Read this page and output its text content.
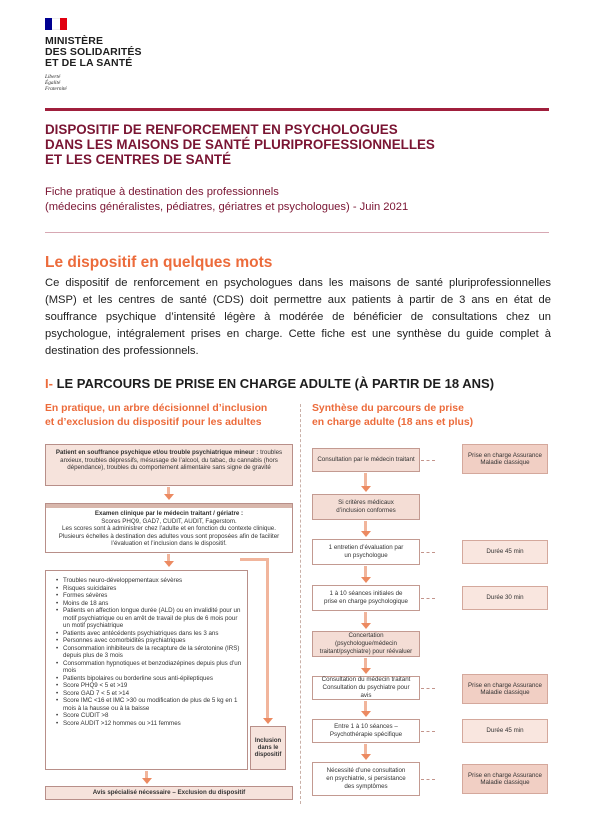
MINISTÈRE
DES SOLIDARITÉS
ET DE LA SANTÉ
Liberté
Égalité
Fraternité
DISPOSITIF DE RENFORCEMENT EN PSYCHOLOGUES
DANS LES MAISONS DE SANTÉ PLURIPROFESSIONNELLES
ET LES CENTRES DE SANTÉ
Fiche pratique à destination des professionnels
(médecins généralistes, pédiatres, gériatres et psychologues) - Juin 2021
Le dispositif en quelques mots
Ce dispositif de renforcement en psychologues dans les maisons de santé pluriprofessionnelles (MSP) et les centres de santé (CDS) doit permettre aux patients à partir de 3 ans en état de souffrance psychique d’intensité légère à modérée de bénéficier de consultations chez un psychologue, intégralement prises en charge. Cette fiche est une synthèse du guide complet à destination des professionnels.
I- LE PARCOURS DE PRISE EN CHARGE ADULTE (À PARTIR DE 18 ANS)
En pratique, un arbre décisionnel d’inclusion
et d’exclusion du dispositif pour les adultes
Synthèse du parcours de prise
en charge adulte (18 ans et plus)
Patient en souffrance psychique et/ou trouble psychiatrique mineur : troubles anxieux, troubles dépressifs, mésusage de l’alcool, du tabac, du cannabis (hors dépendance), troubles du comportement alimentaire sans signe de gravité
Examen clinique par le médecin traitant / gériatre :
Scores PHQ9, GAD7, CUDIT, AUDIT, Fagerstom.
Les scores sont à administrer chez l’adulte et en fonction du contexte clinique. Plusieurs échelles à destination des adultes vous sont proposées afin de faciliter l’évaluation et l’inclusion dans le dispositif.
• Troubles neuro-développementaux sévères
• Risques suicidaires
• Formes sévères
• Moins de 18 ans
• Patients en affection longue durée (ALD) ou en invalidité pour un motif psychiatrique ou en arrêt de travail de plus de 6 mois pour un motif psychiatrique
• Patients avec antécédents psychiatriques dans les 3 ans
• Personnes avec comorbidités psychiatriques
• Consommation inhibiteurs de la recapture de la sérotonine (IRS) depuis plus de 3 mois
• Consommation hypnotiques et benzodiazépines depuis plus d’un mois
• Patients bipolaires ou borderline sous anti-épileptiques
• Score PHQ9 < 5 et >19
• Score GAD 7 < 5 et >14
• Score IMC <16 et IMC >30 ou modification de plus de 5 kg en 1 mois à la hausse ou à la baisse
• Score CUDIT >8
• Score AUDIT >12 hommes ou >11 femmes
Inclusion dans le dispositif
Avis spécialisé nécessaire – Exclusion du dispositif
Consultation par le médecin traitant
Prise en charge Assurance Maladie classique
Si critères médicaux d’inclusion conformes
1 entretien d’évaluation par un psychologue
Durée 45 min
1 à 10 séances initiales de prise en charge psychologique
Durée 30 min
Concertation (psychologue/médecin traitant/psychiatre) pour réévaluer
Consultation du médecin traitant Consultation du psychiatre pour avis
Prise en charge Assurance Maladie classique
Entre 1 à 10 séances – Psychothérapie spécifique
Durée 45 min
Nécessité d’une consultation en psychiatrie, si persistance des symptômes
Prise en charge Assurance Maladie classique
